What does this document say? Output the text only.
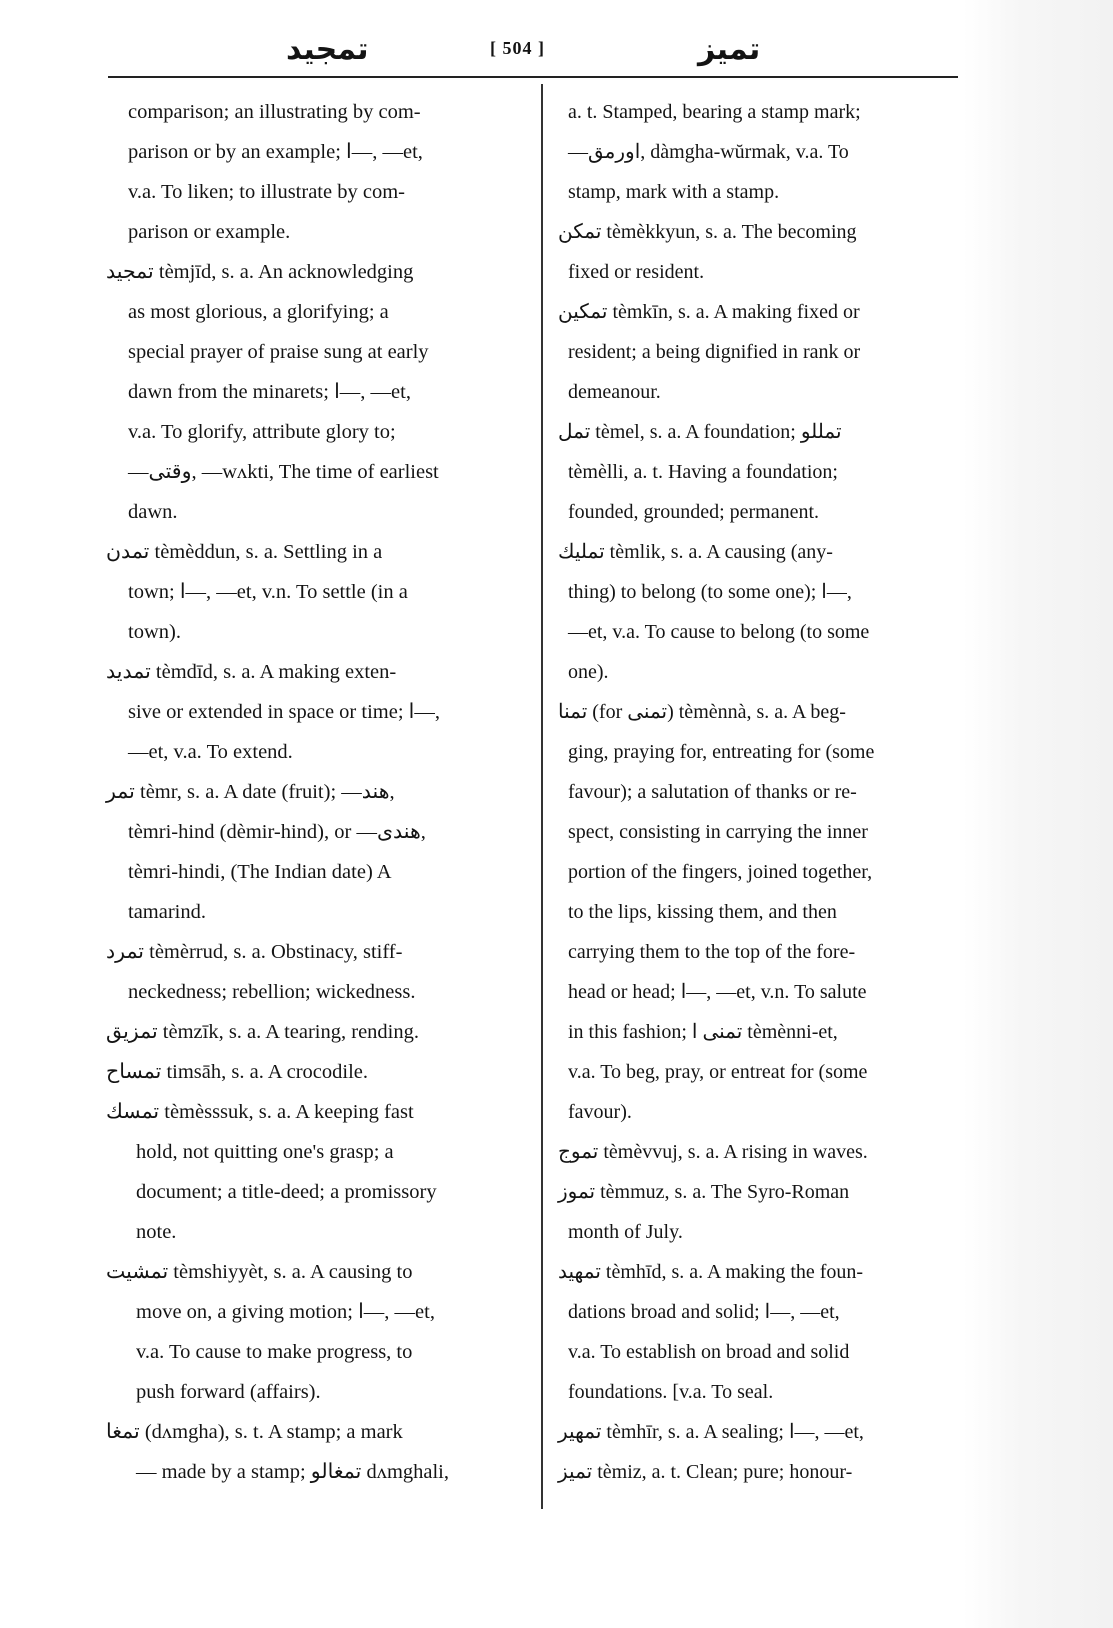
تمجيد	[ 504 ]	تميز
comparison; an illustrating by com-
parison or by an example; ا—, —et,
v.a. To liken; to illustrate by com-
parison or example.
تمجيد tèmjīd, s. a. An acknowledging
as most glorious, a glorifying; a
special prayer of praise sung at early
dawn from the minarets; ا—, —et,
v.a. To glorify, attribute glory to;
—وقتى, —wʌkti, The time of earliest
dawn.
تمدن tèmèddun, s. a. Settling in a
town; ا—, —et, v.n. To settle (in a
town).
تمديد tèmdīd, s. a. A making exten-
sive or extended in space or time; ا—,
—et, v.a. To extend.
تمر tèmr, s. a. A date (fruit); —هند,
tèmri-hind (dèmir-hind), or —هندى,
tèmri-hindi, (The Indian date) A
tamarind.
تمرد tèmèrrud, s. a. Obstinacy, stiff-
neckedness; rebellion; wickedness.
تمزيق tèmzīk, s. a. A tearing, rending.
تمساح timsāh, s. a. A crocodile.
تمسك tèmèsssuk, s. a. A keeping fast
hold, not quitting one's grasp; a
document; a title-deed; a promissory
note.
تمشيت tèmshiyyèt, s. a. A causing to
move on, a giving motion; ا—, —et,
v.a. To cause to make progress, to
push forward (affairs).
تمغا (dʌmgha), s. t. A stamp; a mark
— made by a stamp; تمغالو dʌmghali,
a. t. Stamped, bearing a stamp mark;
—اورمق, dàmgha-wŭrmak, v.a. To
stamp, mark with a stamp.
تمكن tèmèkkyun, s. a. The becoming
fixed or resident.
تمكين tèmkīn, s. a. A making fixed or
resident; a being dignified in rank or
demeanour.
تمل tèmel, s. a. A foundation; تمللو
tèmèlli, a. t. Having a foundation;
founded, grounded; permanent.
تمليك tèmlik, s. a. A causing (any-
thing) to belong (to some one); ا—,
—et, v.a. To cause to belong (to some
one).
تمنا (for تمنى) tèmènnà, s. a. A beg-
ging, praying for, entreating for (some
favour); a salutation of thanks or re-
spect, consisting in carrying the inner
portion of the fingers, joined together,
to the lips, kissing them, and then
carrying them to the top of the fore-
head or head; ا—, —et, v.n. To salute
in this fashion; تمنى ا tèmènni-et,
v.a. To beg, pray, or entreat for (some
favour).
تموج tèmèvvuj, s. a. A rising in waves.
تموز tèmmuz, s. a. The Syro-Roman
month of July.
تمهيد tèmhīd, s. a. A making the foun-
dations broad and solid; ا—, —et,
v.a. To establish on broad and solid
foundations. [v.a. To seal.
تمهير tèmhīr, s. a. A sealing; ا—, —et,
تميز tèmiz, a. t. Clean; pure; honour-
